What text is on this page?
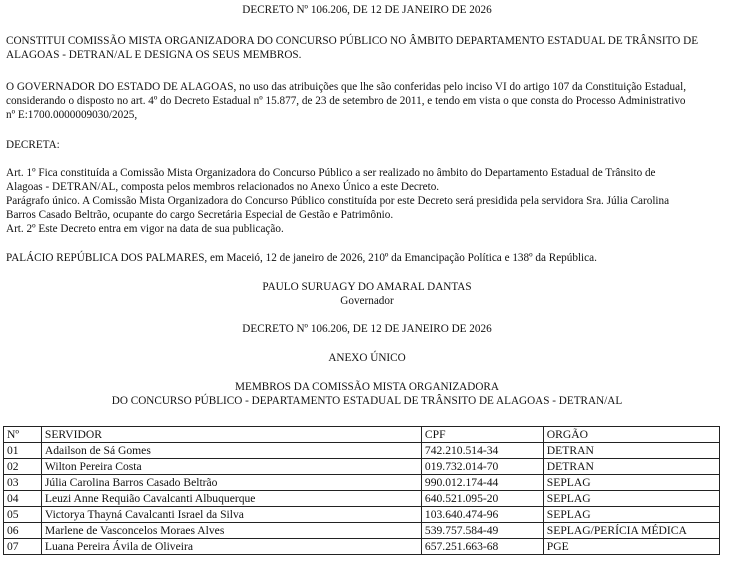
DECRETO Nº 106.206, DE 12 DE JANEIRO DE 2026
CONSTITUI COMISSÃO MISTA ORGANIZADORA DO CONCURSO PÚBLICO NO ÂMBITO DEPARTAMENTO ESTADUAL DE TRÂNSITO DE
ALAGOAS - DETRAN/AL E DESIGNA OS SEUS MEMBROS.
O GOVERNADOR DO ESTADO DE ALAGOAS, no uso das atribuições que lhe são conferidas pelo inciso VI do artigo 107 da Constituição Estadual,
considerando o disposto no art. 4º do Decreto Estadual nº 15.877, de 23 de setembro de 2011, e tendo em vista o que consta do Processo Administrativo
nº E:1700.0000009030/2025,
DECRETA:
Art. 1º Fica constituída a Comissão Mista Organizadora do Concurso Público a ser realizado no âmbito do Departamento Estadual de Trânsito de
Alagoas - DETRAN/AL, composta pelos membros relacionados no Anexo Único a este Decreto.
Parágrafo único. A Comissão Mista Organizadora do Concurso Público constituída por este Decreto será presidida pela servidora Sra. Júlia Carolina
Barros Casado Beltrão, ocupante do cargo Secretária Especial de Gestão e Patrimônio.
Art. 2º Este Decreto entra em vigor na data de sua publicação.
PALÁCIO REPÚBLICA DOS PALMARES, em Maceió, 12 de janeiro de 2026, 210º da Emancipação Política e 138º da República.
PAULO SURUAGY DO AMARAL DANTAS
Governador
DECRETO Nº 106.206, DE 12 DE JANEIRO DE 2026
ANEXO ÚNICO
MEMBROS DA COMISSÃO MISTA ORGANIZADORA
DO CONCURSO PÚBLICO - DEPARTAMENTO ESTADUAL DE TRÂNSITO DE ALAGOAS - DETRAN/AL
Nº	SERVIDOR	CPF	ORGÃO
01	Adailson de Sá Gomes	742.210.514-34	DETRAN
02	Wilton Pereira Costa	019.732.014-70	DETRAN
03	Júlia Carolina Barros Casado Beltrão	990.012.174-44	SEPLAG
04	Leuzi Anne Requião Cavalcanti Albuquerque	640.521.095-20	SEPLAG
05	Victorya Thayná Cavalcanti Israel da Silva	103.640.474-96	SEPLAG
06	Marlene de Vasconcelos Moraes Alves	539.757.584-49	SEPLAG/PERÍCIA MÉDICA
07	Luana Pereira Ávila de Oliveira	657.251.663-68	PGE
